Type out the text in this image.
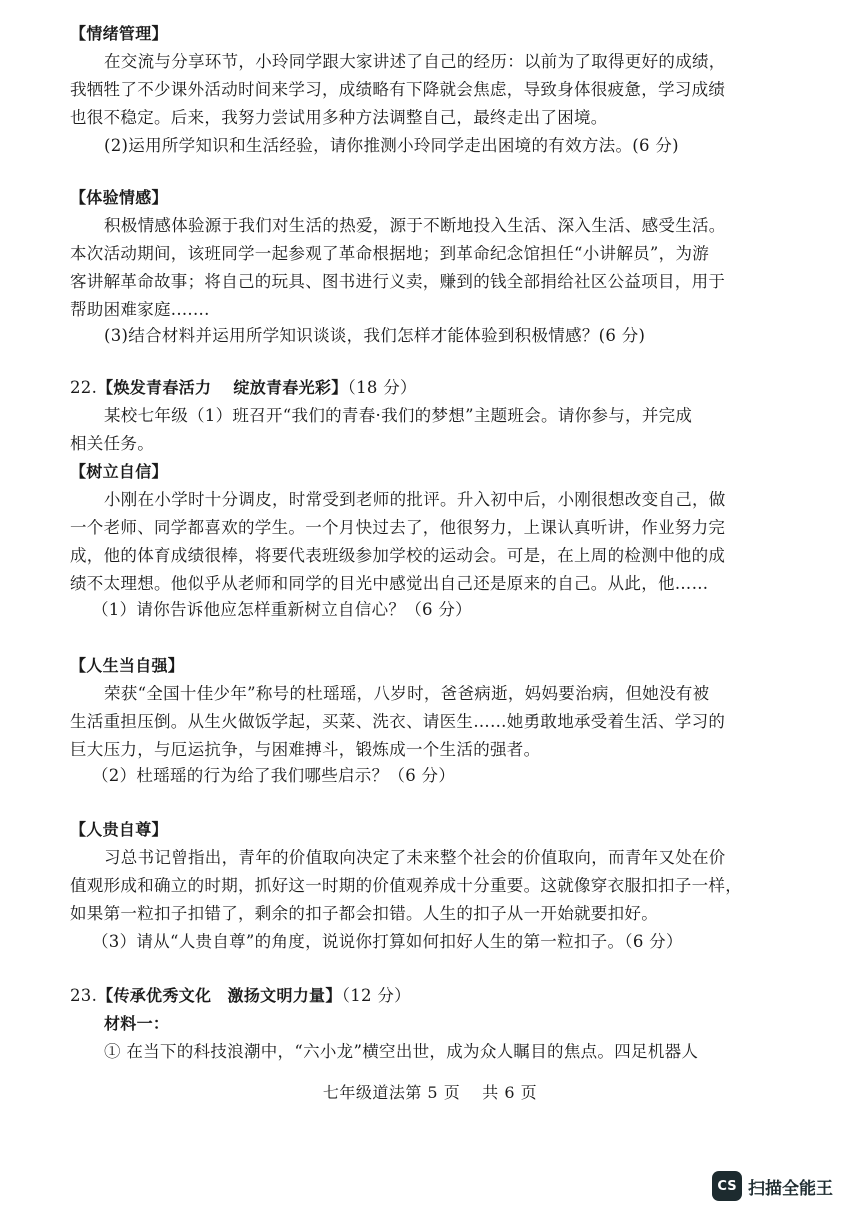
【情绪管理】
在交流与分享环节，小玲同学跟大家讲述了自己的经历：以前为了取得更好的成绩，
我牺牲了不少课外活动时间来学习，成绩略有下降就会焦虑，导致身体很疲惫，学习成绩
也很不稳定。后来，我努力尝试用多种方法调整自己，最终走出了困境。
(2)运用所学知识和生活经验，请你推测小玲同学走出困境的有效方法。(6 分)
【体验情感】
积极情感体验源于我们对生活的热爱，源于不断地投入生活、深入生活、感受生活。
本次活动期间，该班同学一起参观了革命根据地；到革命纪念馆担任“小讲解员”，为游
客讲解革命故事；将自己的玩具、图书进行义卖，赚到的钱全部捐给社区公益项目，用于
帮助困难家庭.......
(3)结合材料并运用所学知识谈谈，我们怎样才能体验到积极情感？(6 分)
22.【焕发青春活力　 绽放青春光彩】（18 分）
某校七年级（1）班召开“我们的青春·我们的梦想”主题班会。请你参与，并完成
相关任务。
【树立自信】
小刚在小学时十分调皮，时常受到老师的批评。升入初中后，小刚很想改变自己，做
一个老师、同学都喜欢的学生。一个月快过去了，他很努力，上课认真听讲，作业努力完
成，他的体育成绩很棒，将要代表班级参加学校的运动会。可是，在上周的检测中他的成
绩不太理想。他似乎从老师和同学的目光中感觉出自己还是原来的自己。从此，他……
（1）请你告诉他应怎样重新树立自信心？（6 分）
【人生当自强】
荣获“全国十佳少年”称号的杜瑶瑶，八岁时，爸爸病逝，妈妈要治病，但她没有被
生活重担压倒。从生火做饭学起，买菜、洗衣、请医生……她勇敢地承受着生活、学习的
巨大压力，与厄运抗争，与困难搏斗，锻炼成一个生活的强者。
（2）杜瑶瑶的行为给了我们哪些启示？（6 分）
【人贵自尊】
习总书记曾指出，青年的价值取向决定了未来整个社会的价值取向，而青年又处在价
值观形成和确立的时期，抓好这一时期的价值观养成十分重要。这就像穿衣服扣扣子一样，
如果第一粒扣子扣错了，剩余的扣子都会扣错。人生的扣子从一开始就要扣好。
（3）请从“人贵自尊”的角度，说说你打算如何扣好人生的第一粒扣子。（6 分）
23.【传承优秀文化　激扬文明力量】（12 分）
材料一：
① 在当下的科技浪潮中，“六小龙”横空出世，成为众人瞩目的焦点。四足机器人
七年级道法第 5 页　 共 6 页
CS 扫描全能王
